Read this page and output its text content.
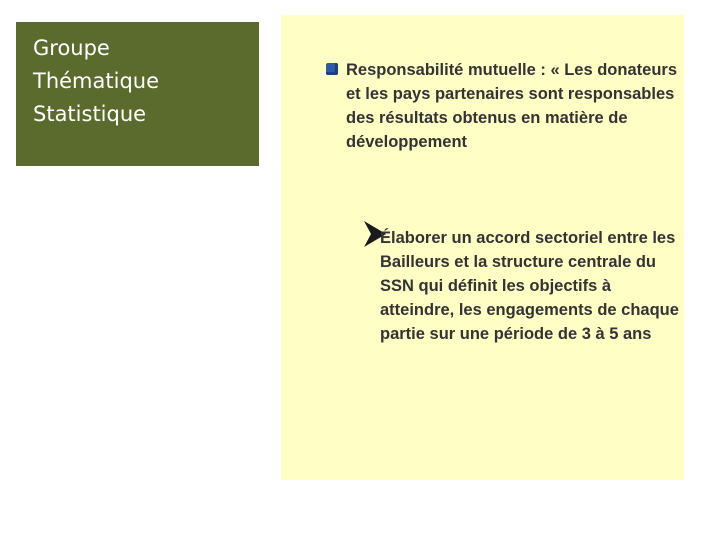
Groupe
Thématique
Statistique
Responsabilité mutuelle : « Les donateurs et les pays partenaires sont responsables des résultats obtenus en matière de développement
Élaborer un accord sectoriel entre les Bailleurs et la structure centrale du SSN qui définit les objectifs à atteindre, les engagements de chaque partie sur une période de 3 à 5 ans
